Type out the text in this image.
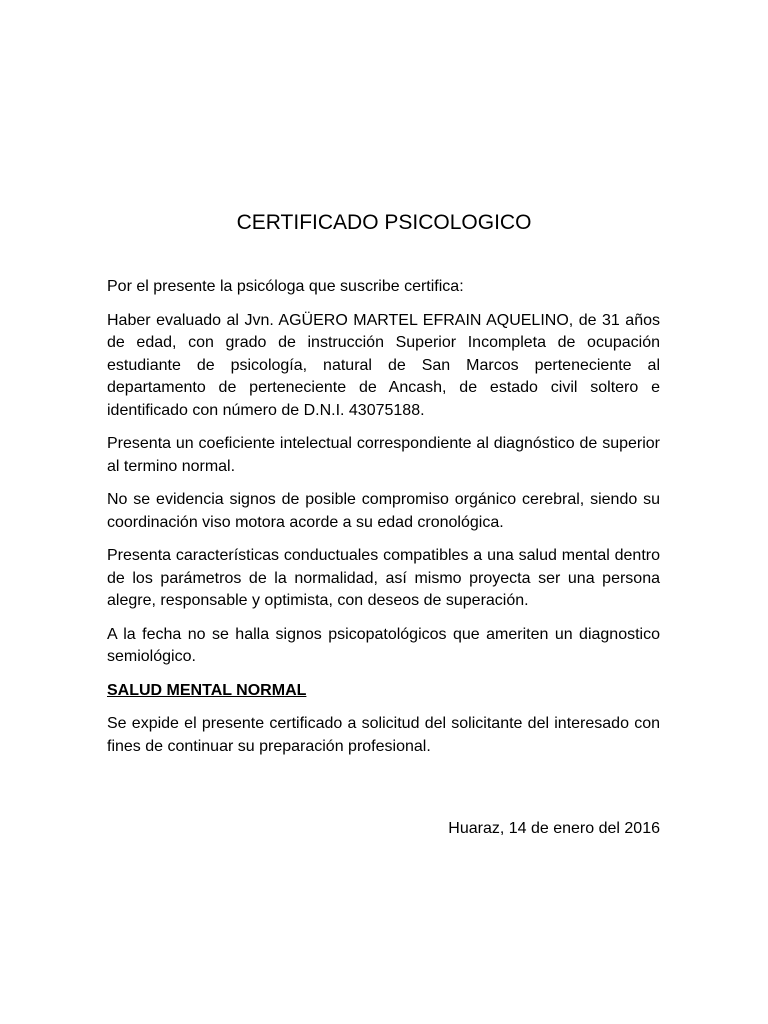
CERTIFICADO PSICOLOGICO

Por el presente la psicóloga que suscribe certifica:

Haber evaluado al Jvn. AGÜERO MARTEL EFRAIN AQUELINO, de 31 años de edad, con grado de instrucción Superior Incompleta de ocupación estudiante de psicología, natural de San Marcos perteneciente al departamento de perteneciente de Ancash, de estado civil soltero e identificado con número de D.N.I. 43075188.

Presenta un coeficiente intelectual correspondiente al diagnóstico de superior al termino normal.

No se evidencia signos de posible compromiso orgánico cerebral, siendo su coordinación viso motora acorde a su edad cronológica.

Presenta características conductuales compatibles a una salud mental dentro de los parámetros de la normalidad, así mismo proyecta ser una persona alegre, responsable y optimista, con deseos de superación.

A la fecha no se halla signos psicopatológicos que ameriten un diagnostico semiológico.

SALUD MENTAL NORMAL

Se expide el presente certificado a solicitud del solicitante del interesado con fines de continuar su preparación profesional.

Huaraz, 14 de enero del 2016
